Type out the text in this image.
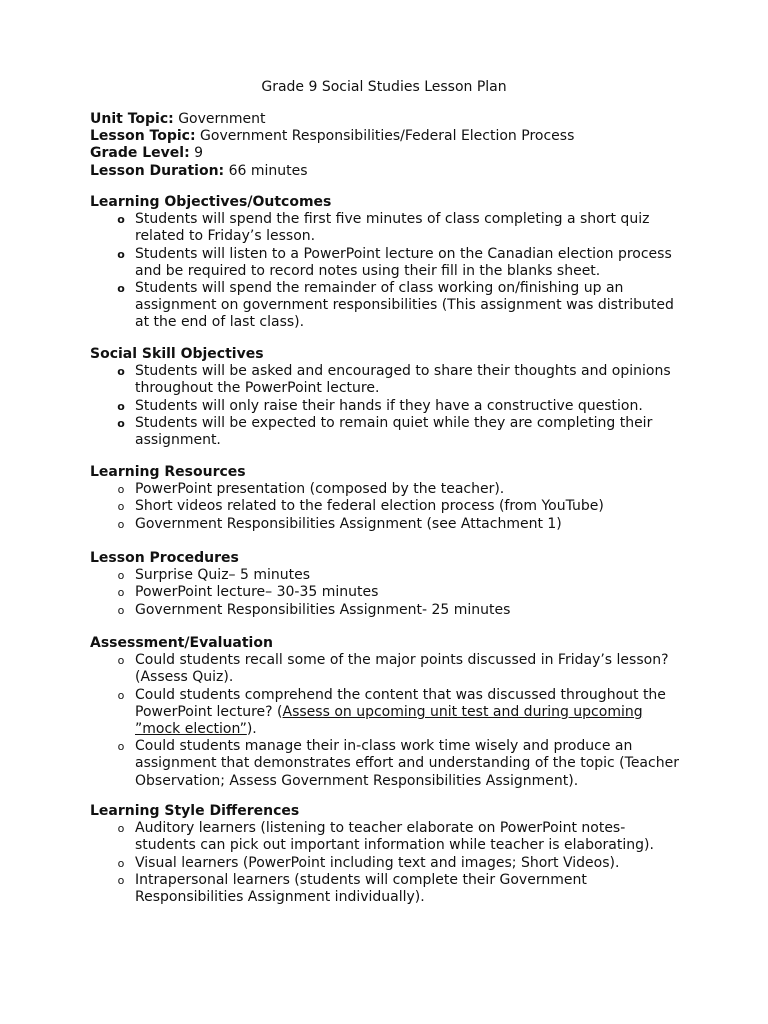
Grade 9 Social Studies Lesson Plan
Unit Topic: Government
Lesson Topic: Government Responsibilities/Federal Election Process
Grade Level: 9
Lesson Duration: 66 minutes
Learning Objectives/Outcomes
o Students will spend the first five minutes of class completing a short quiz
related to Friday’s lesson.
o Students will listen to a PowerPoint lecture on the Canadian election process
and be required to record notes using their fill in the blanks sheet.
o Students will spend the remainder of class working on/finishing up an
assignment on government responsibilities (This assignment was distributed
at the end of last class).
Social Skill Objectives
o Students will be asked and encouraged to share their thoughts and opinions
throughout the PowerPoint lecture.
o Students will only raise their hands if they have a constructive question.
o Students will be expected to remain quiet while they are completing their
assignment.
Learning Resources
o PowerPoint presentation (composed by the teacher).
o Short videos related to the federal election process (from YouTube)
o Government Responsibilities Assignment (see Attachment 1)
Lesson Procedures
o Surprise Quiz– 5 minutes
o PowerPoint lecture– 30-35 minutes
o Government Responsibilities Assignment- 25 minutes
Assessment/Evaluation
o Could students recall some of the major points discussed in Friday’s lesson?
(Assess Quiz).
o Could students comprehend the content that was discussed throughout the
PowerPoint lecture? (Assess on upcoming unit test and during upcoming
”mock election”).
o Could students manage their in-class work time wisely and produce an
assignment that demonstrates effort and understanding of the topic (Teacher
Observation; Assess Government Responsibilities Assignment).
Learning Style Differences
o Auditory learners (listening to teacher elaborate on PowerPoint notes-
students can pick out important information while teacher is elaborating).
o Visual learners (PowerPoint including text and images; Short Videos).
o Intrapersonal learners (students will complete their Government
Responsibilities Assignment individually).
